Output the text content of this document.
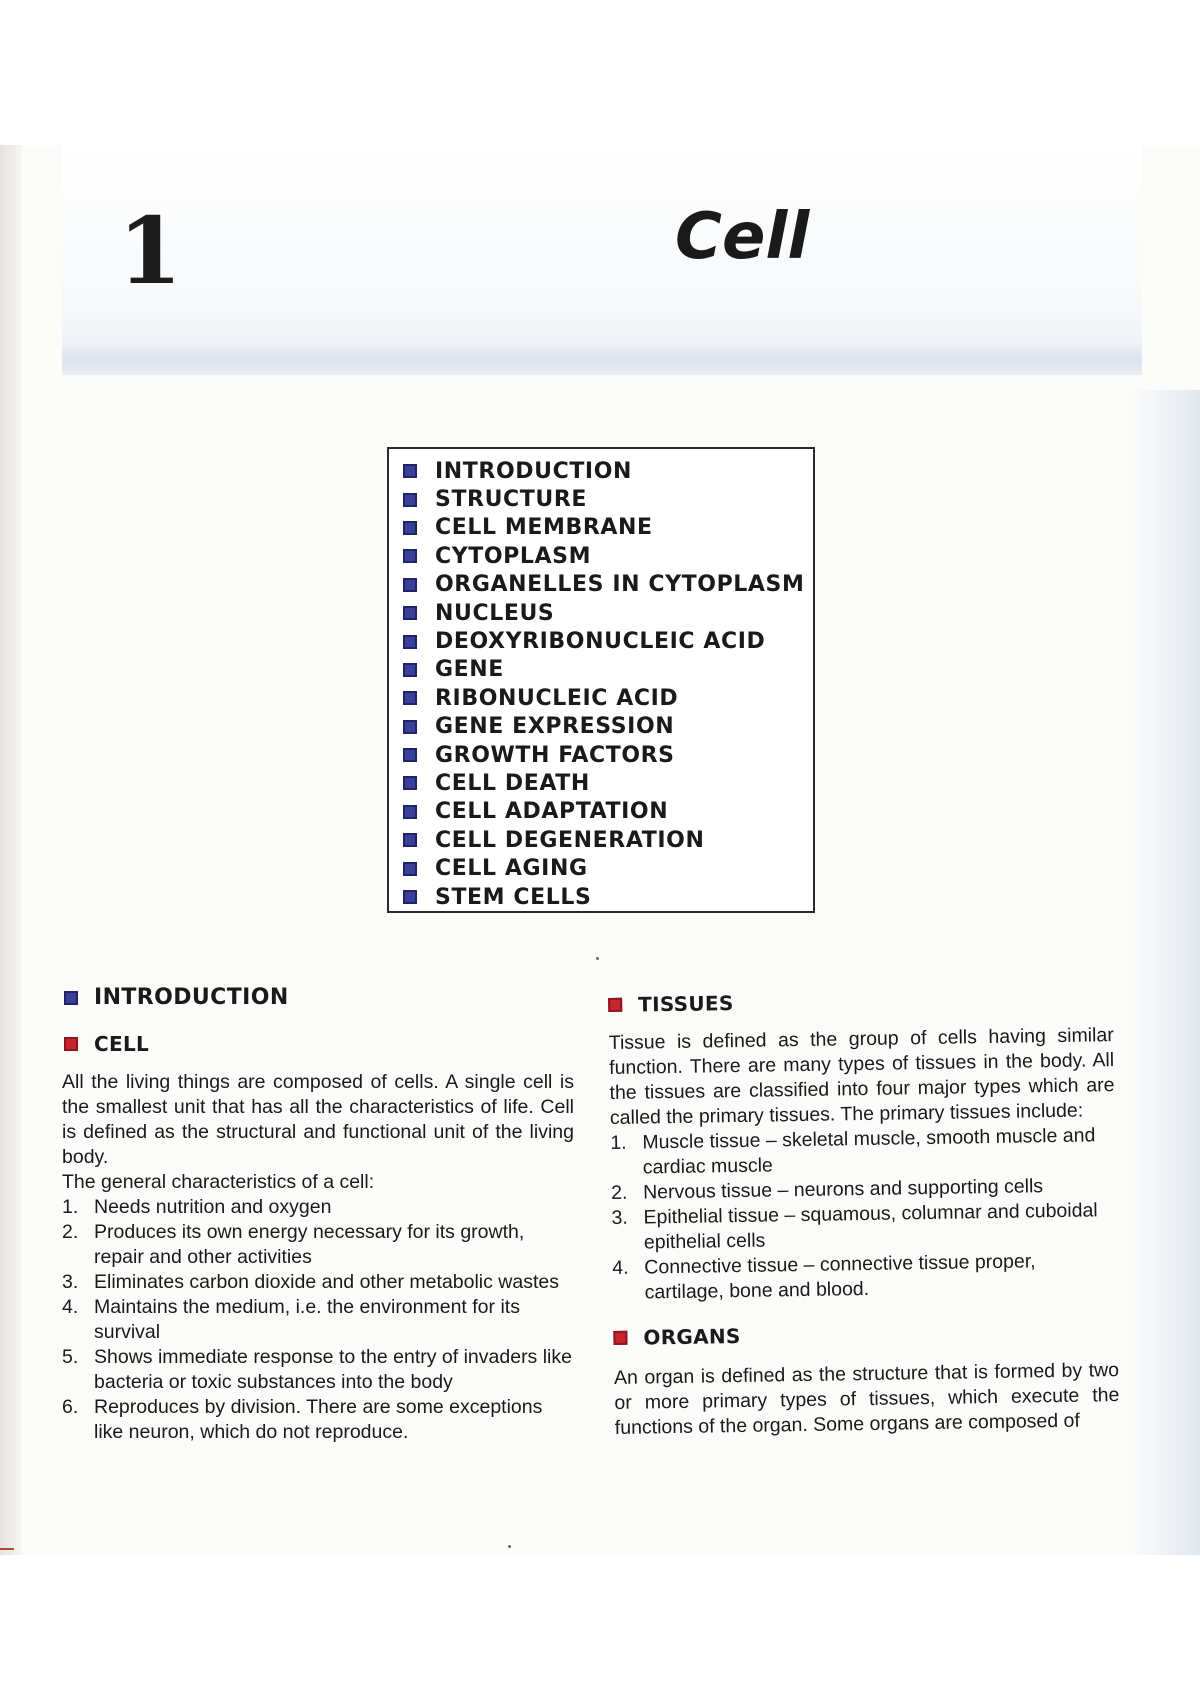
1	Cell
INTRODUCTION
STRUCTURE
CELL MEMBRANE
CYTOPLASM
ORGANELLES IN CYTOPLASM
NUCLEUS
DEOXYRIBONUCLEIC ACID
GENE
RIBONUCLEIC ACID
GENE EXPRESSION
GROWTH FACTORS
CELL DEATH
CELL ADAPTATION
CELL DEGENERATION
CELL AGING
STEM CELLS
INTRODUCTION
CELL
All the living things are composed of cells. A single cell is the smallest unit that has all the characteristics of life. Cell is defined as the structural and functional unit of the living body.
The general characteristics of a cell:
1. Needs nutrition and oxygen
2. Produces its own energy necessary for its growth, repair and other activities
3. Eliminates carbon dioxide and other metabolic wastes
4. Maintains the medium, i.e. the environment for its survival
5. Shows immediate response to the entry of invaders like bacteria or toxic substances into the body
6. Reproduces by division. There are some exceptions like neuron, which do not reproduce.
TISSUES
Tissue is defined as the group of cells having similar function. There are many types of tissues in the body. All the tissues are classified into four major types which are called the primary tissues. The primary tissues include:
1. Muscle tissue – skeletal muscle, smooth muscle and cardiac muscle
2. Nervous tissue – neurons and supporting cells
3. Epithelial tissue – squamous, columnar and cuboidal epithelial cells
4. Connective tissue – connective tissue proper, cartilage, bone and blood.
ORGANS
An organ is defined as the structure that is formed by two or more primary types of tissues, which execute the functions of the organ. Some organs are composed of
